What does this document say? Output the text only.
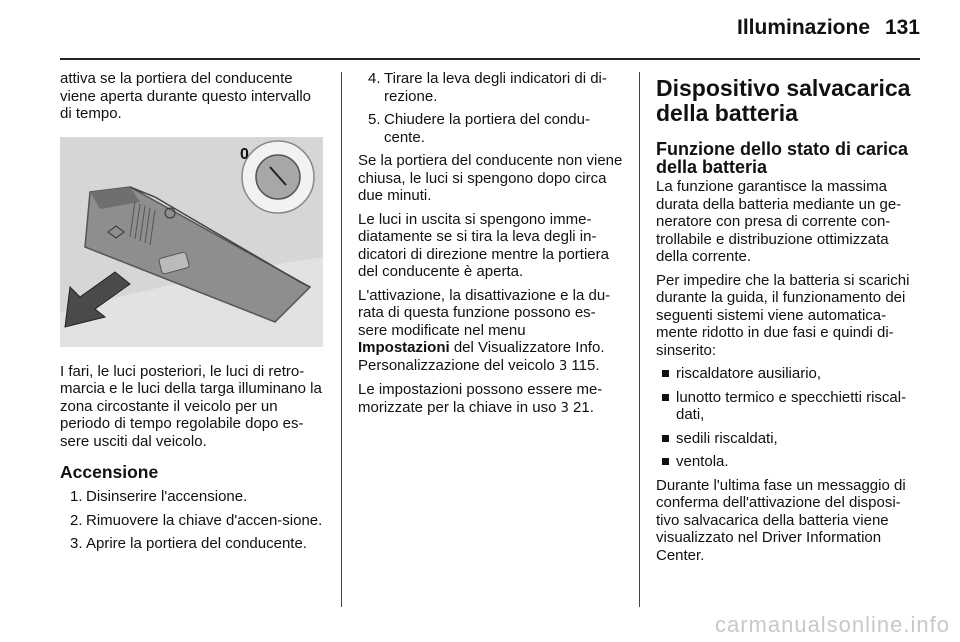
Illuminazione 131

attiva se la portiera del conducente viene aperta durante questo intervallo di tempo.

0

I fari, le luci posteriori, le luci di retro-marcia e le luci della targa illuminano la zona circostante il veicolo per un periodo di tempo regolabile dopo es-sere usciti dal veicolo.

Accensione
1. Disinserire l'accensione.
2. Rimuovere la chiave d'accen-sione.
3. Aprire la portiera del conducente.
4. Tirare la leva degli indicatori di di-rezione.
5. Chiudere la portiera del condu-cente.

Se la portiera del conducente non viene chiusa, le luci si spengono dopo circa due minuti.

Le luci in uscita si spengono imme-diatamente se si tira la leva degli in-dicatori di direzione mentre la portiera del conducente è aperta.

L'attivazione, la disattivazione e la du-rata di questa funzione possono es-sere modificate nel menu
Impostazioni del Visualizzatore Info. Personalizzazione del veicolo 3 115.

Le impostazioni possono essere me-morizzate per la chiave in uso 3 21.

Dispositivo salvacarica della batteria
Funzione dello stato di carica della batteria

La funzione garantisce la massima durata della batteria mediante un ge-neratore con presa di corrente con-trollabile e distribuzione ottimizzata della corrente.

Per impedire che la batteria si scarichi durante la guida, il funzionamento dei seguenti sistemi viene automatica-mente ridotto in due fasi e quindi di-sinserito:

riscaldatore ausiliario,
lunotto termico e specchietti riscal-dati,
sedili riscaldati,
ventola.

Durante l'ultima fase un messaggio di conferma dell'attivazione del disposi-tivo salvacarica della batteria viene visualizzato nel Driver Information Center.

carmanualsonline.info
